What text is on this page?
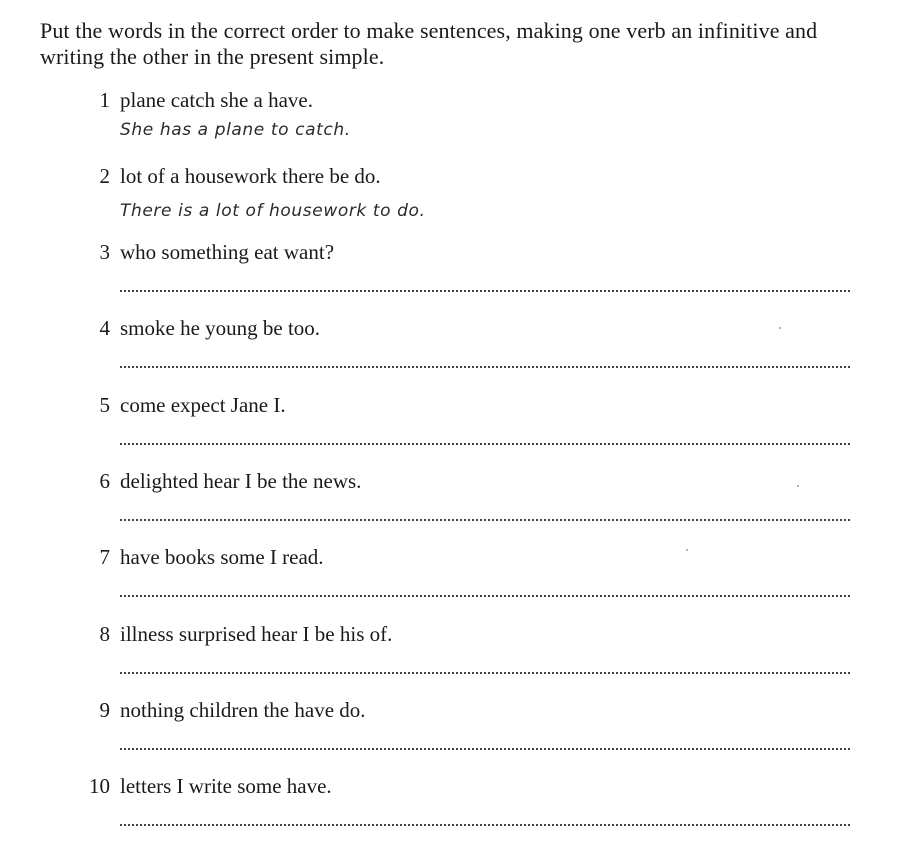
Put the words in the correct order to make sentences, making one verb an infinitive and writing the other in the present simple.
1 plane catch she a have.
She has a plane to catch.
2 lot of a housework there be do.
There is a lot of housework to do.
3 who something eat want?
4 smoke he young be too.
5 come expect Jane I.
6 delighted hear I be the news.
7 have books some I read.
8 illness surprised hear I be his of.
9 nothing children the have do.
10 letters I write some have.
